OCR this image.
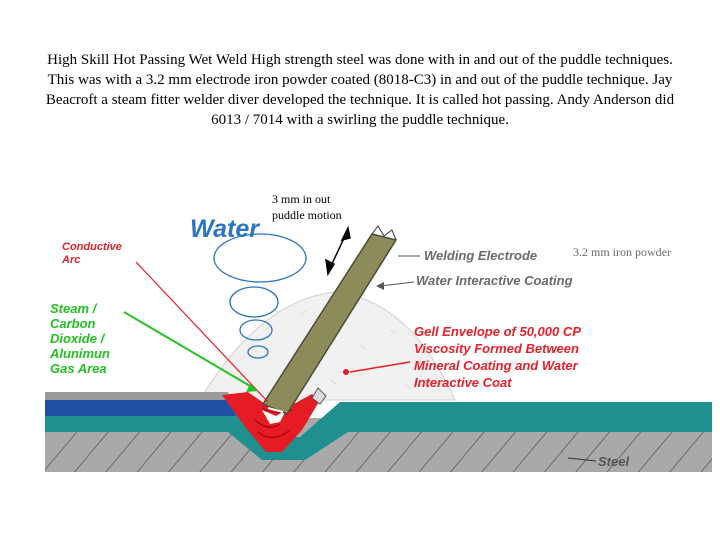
High Skill Hot Passing Wet Weld High strength steel was done with in and out of the puddle techniques. This was with a 3.2 mm electrode iron powder coated (8018-C3) in and out of the puddle technique. Jay Beacroft a steam fitter welder diver developed the technique. It is called hot passing. Andy Anderson did 6013 / 7014 with a swirling the puddle technique.
Water
Conductive
Arc
Steam /
Carbon
Dioxide /
Alunimun
Gas Area
3 mm in out
puddle motion
Welding Electrode	3.2 mm iron powder
Water Interactive Coating
Gell Envelope of 50,000 CP
Viscosity Formed Between
Mineral Coating and Water
Interactive Coat
Steel
